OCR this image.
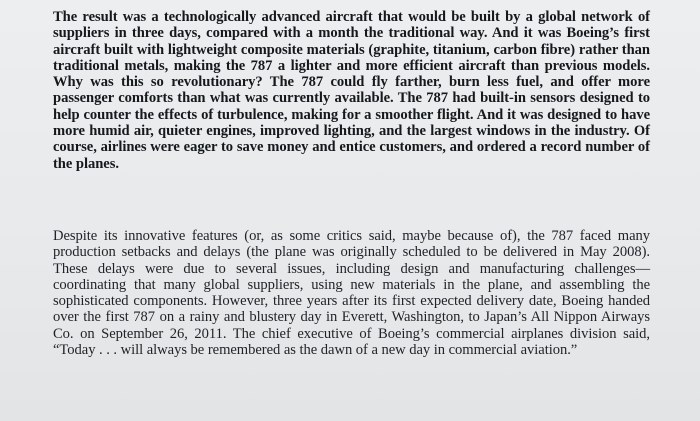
The result was a technologically advanced aircraft that would be built by a global network of suppliers in three days, compared with a month the traditional way. And it was Boeing’s first aircraft built with lightweight composite materials (graphite, titanium, carbon fibre) rather than traditional metals, making the 787 a lighter and more efficient aircraft than previous models. Why was this so revolutionary? The 787 could fly farther, burn less fuel, and offer more passenger comforts than what was currently available. The 787 had built-in sensors designed to help counter the effects of turbulence, making for a smoother flight. And it was designed to have more humid air, quieter engines, improved lighting, and the largest windows in the industry. Of course, airlines were eager to save money and entice customers, and ordered a record number of the planes.

Despite its innovative features (or, as some critics said, maybe because of), the 787 faced many production setbacks and delays (the plane was originally scheduled to be delivered in May 2008). These delays were due to several issues, including design and manufacturing challenges—coordinating that many global suppliers, using new materials in the plane, and assembling the sophisticated components. However, three years after its first expected delivery date, Boeing handed over the first 787 on a rainy and blustery day in Everett, Washington, to Japan’s All Nippon Airways Co. on September 26, 2011. The chief executive of Boeing’s commercial airplanes division said, “Today . . . will always be remembered as the dawn of a new day in commercial aviation.”
